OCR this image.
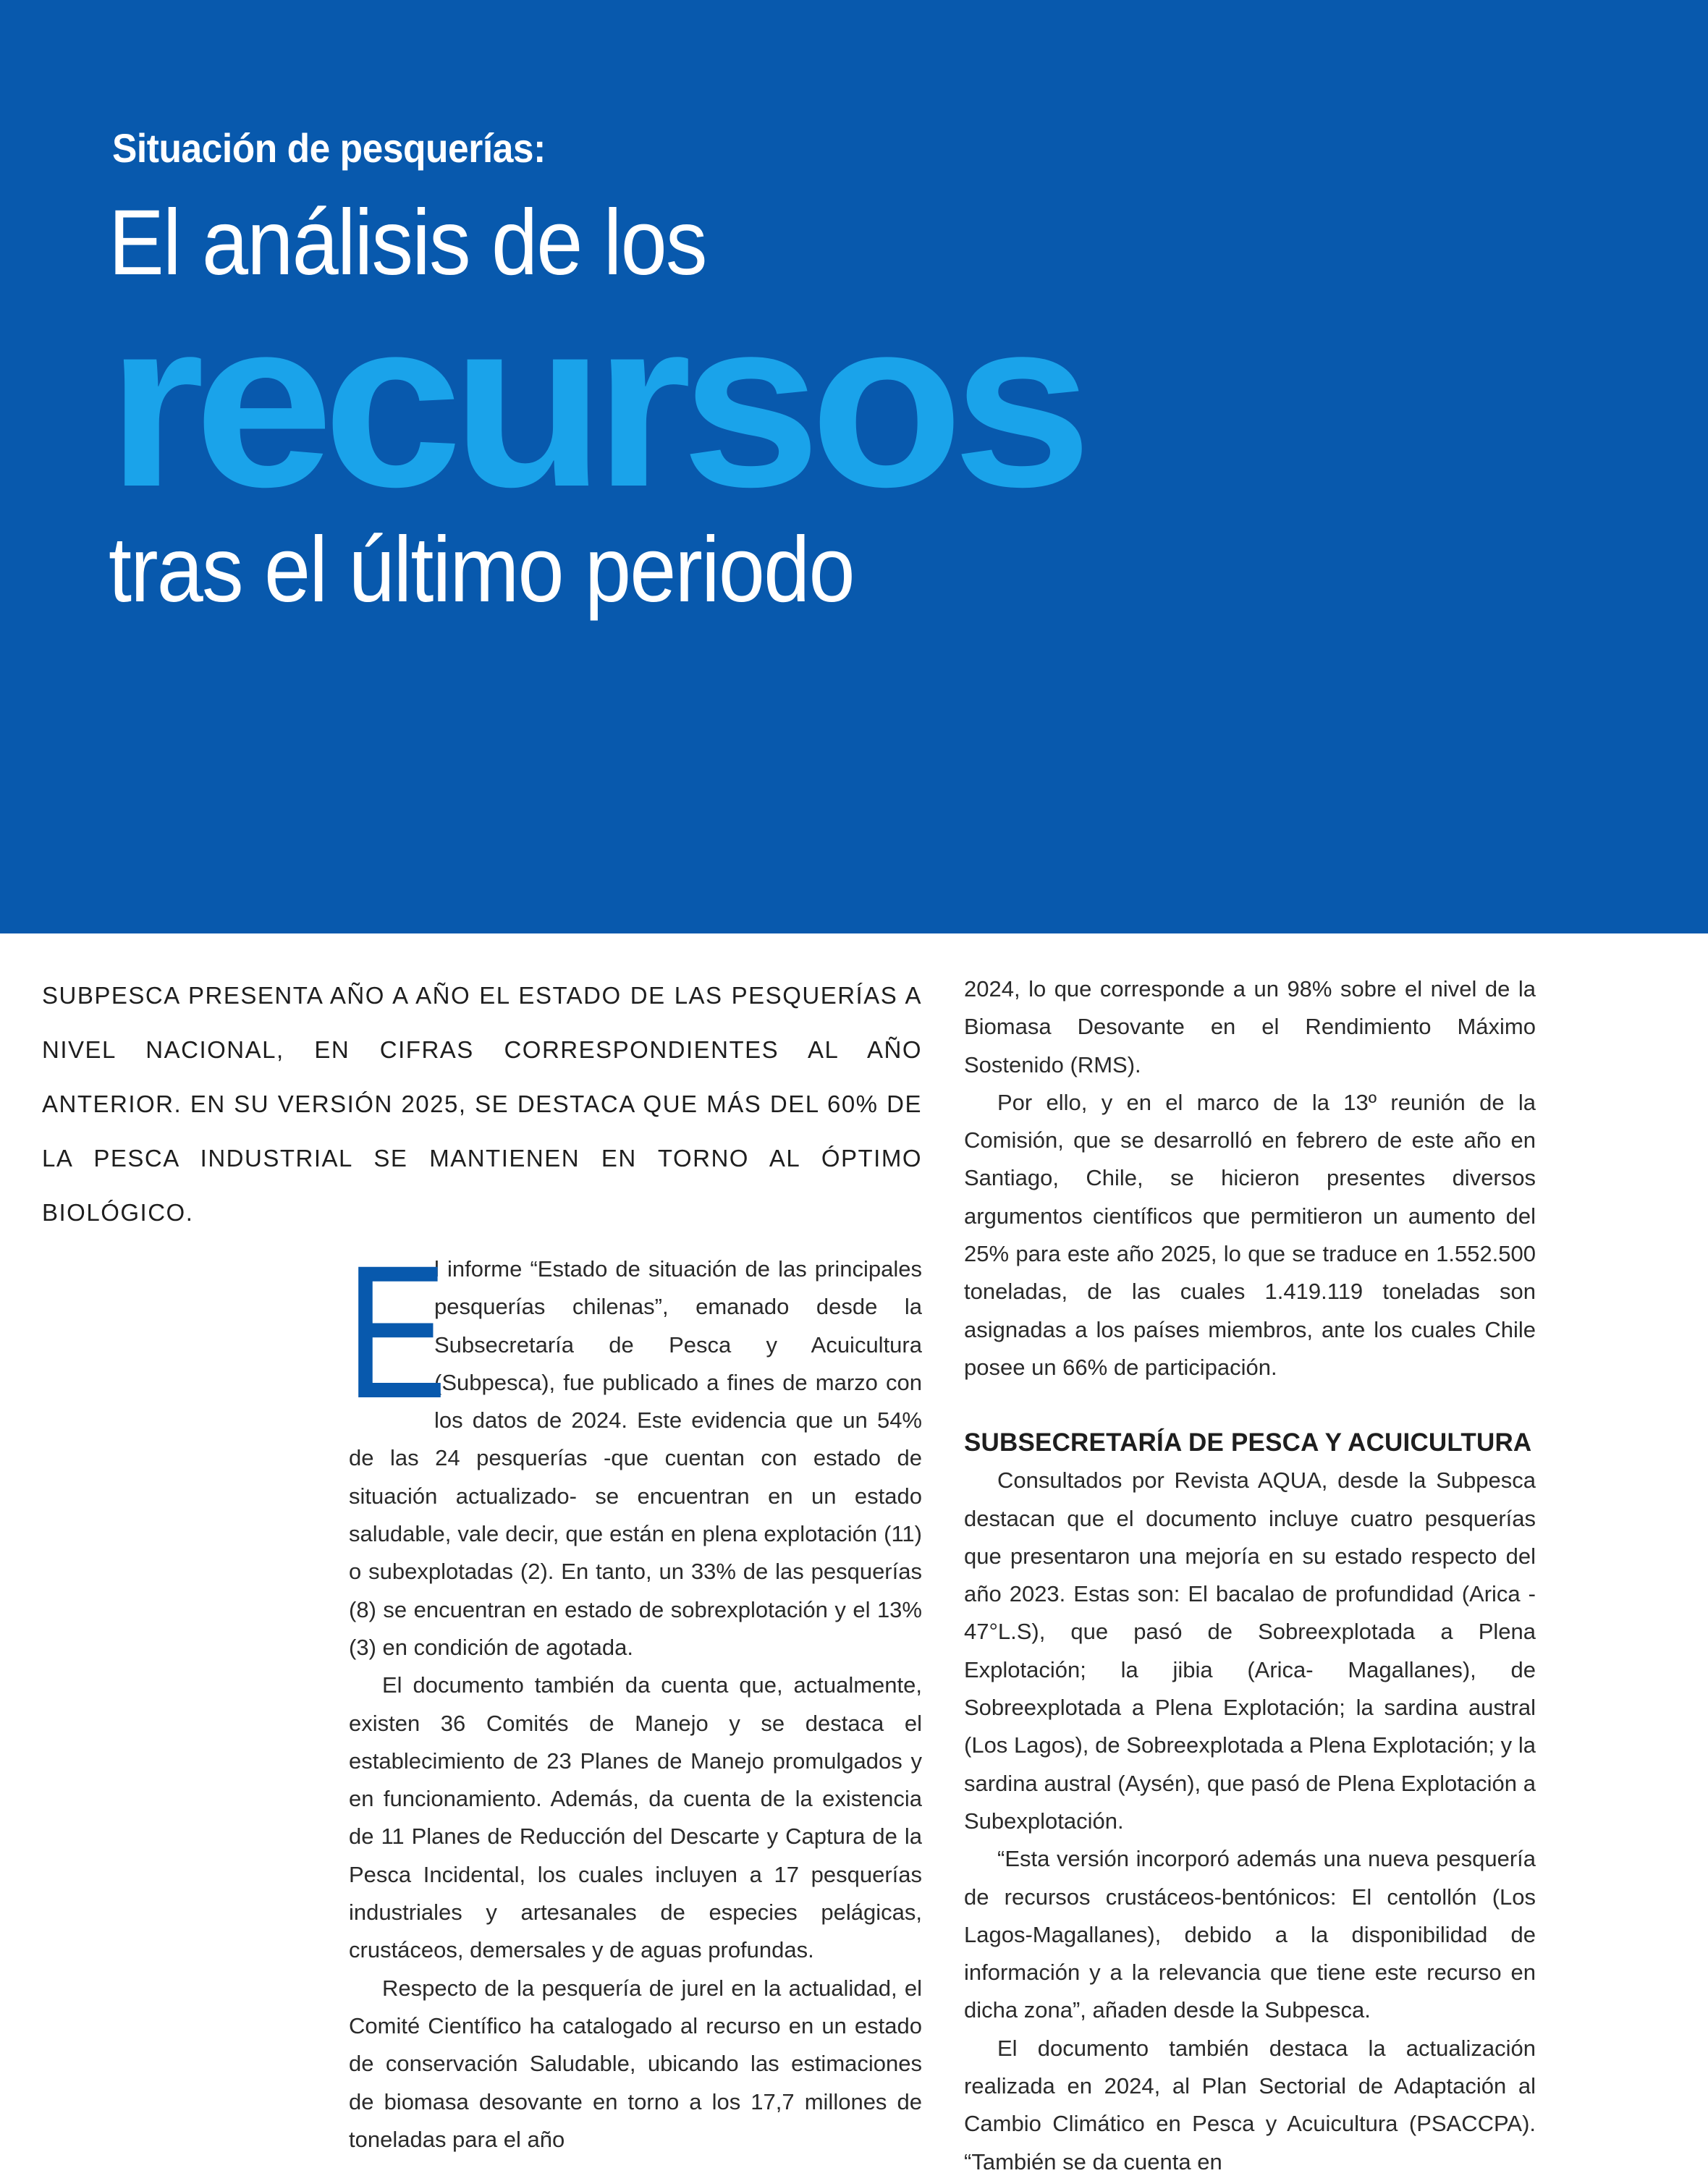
Situación de pesquerías:

El análisis de los
recursos
tras el último periodo

SUBPESCA PRESENTA AÑO A AÑO EL ESTADO DE LAS PESQUERÍAS A NIVEL NACIONAL, EN CIFRAS CORRESPONDIENTES AL AÑO ANTERIOR. EN SU VERSIÓN 2025, SE DESTACA QUE MÁS DEL 60% DE LA PESCA INDUSTRIAL SE MANTIENEN EN TORNO AL ÓPTIMO BIOLÓGICO.

E
l informe “Estado de situación de las principales pesquerías chilenas”, emanado desde la Subsecretaría de Pesca y Acuicultura (Subpesca), fue publicado a fines de marzo con los datos de 2024. Este evidencia que un 54% de las 24 pesquerías -que cuentan con estado de situación actualizado- se encuentran en un estado saludable, vale decir, que están en plena explotación (11) o subexplotadas (2). En tanto, un 33% de las pesquerías (8) se encuentran en estado de sobrexplotación y el 13% (3) en condición de agotada.

El documento también da cuenta que, actualmente, existen 36 Comités de Manejo y se destaca el establecimiento de 23 Planes de Manejo promulgados y en funcionamiento. Además, da cuenta de la existencia de 11 Planes de Reducción del Descarte y Captura de la Pesca Incidental, los cuales incluyen a 17 pesquerías industriales y artesanales de especies pelágicas, crustáceos, demersales y de aguas profundas.

Respecto de la pesquería de jurel en la actualidad, el Comité Científico ha catalogado al recurso en un estado de conservación Saludable, ubicando las estimaciones de biomasa desovante en torno a los 17,7 millones de toneladas para el año

2024, lo que corresponde a un 98% sobre el nivel de la Biomasa Desovante en el Rendimiento Máximo Sostenido (RMS).

Por ello, y en el marco de la 13º reunión de la Comisión, que se desarrolló en febrero de este año en Santiago, Chile, se hicieron presentes diversos argumentos científicos que permitieron un aumento del 25% para este año 2025, lo que se traduce en 1.552.500 toneladas, de las cuales 1.419.119 toneladas son asignadas a los países miembros, ante los cuales Chile posee un 66% de participación.

SUBSECRETARÍA DE PESCA Y ACUICULTURA

Consultados por Revista AQUA, desde la Subpesca destacan que el documento incluye cuatro pesquerías que presentaron una mejoría en su estado respecto del año 2023. Estas son: El bacalao de profundidad (Arica - 47°L.S), que pasó de Sobreexplotada a Plena Explotación; la jibia (Arica- Magallanes), de Sobreexplotada a Plena Explotación; la sardina austral (Los Lagos), de Sobreexplotada a Plena Explotación; y la sardina austral (Aysén), que pasó de Plena Explotación a Subexplotación.

“Esta versión incorporó además una nueva pesquería de recursos crustáceos-bentónicos: El centollón (Los Lagos-Magallanes), debido a la disponibilidad de información y a la relevancia que tiene este recurso en dicha zona”, añaden desde la Subpesca.

El documento también destaca la actualización realizada en 2024, al Plan Sectorial de Adaptación al Cambio Climático en Pesca y Acuicultura (PSACCPA). “También se da cuenta en
